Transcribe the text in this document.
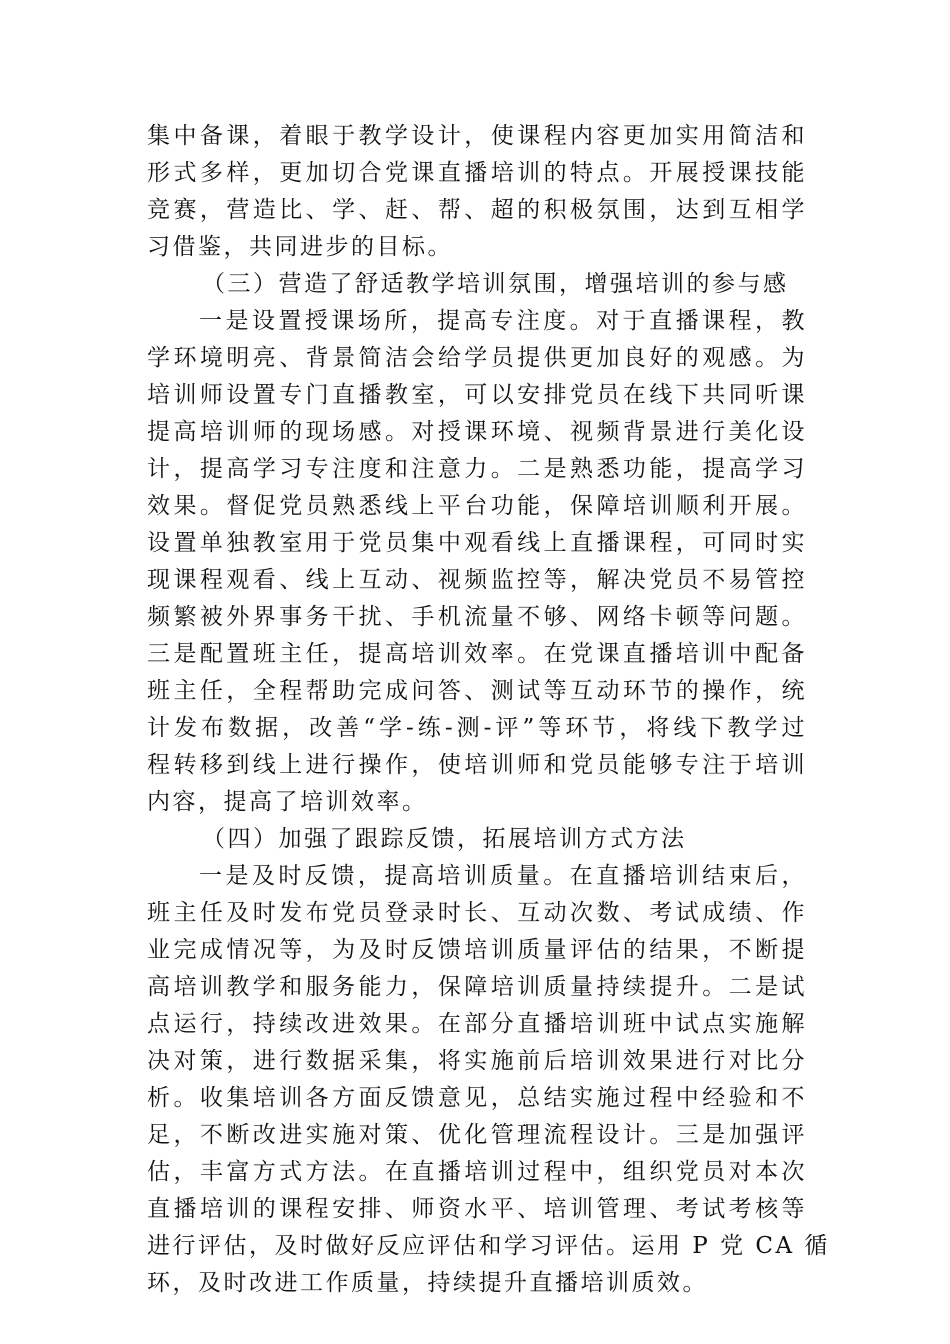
集中备课，着眼于教学设计，使课程内容更加实用简洁和
形式多样，更加切合党课直播培训的特点。开展授课技能
竞赛，营造比、学、赶、帮、超的积极氛围，达到互相学
习借鉴，共同进步的目标。

（三）营造了舒适教学培训氛围，增强培训的参与感

一是设置授课场所，提高专注度。对于直播课程，教
学环境明亮、背景简洁会给学员提供更加良好的观感。为
培训师设置专门直播教室，可以安排党员在线下共同听课
提高培训师的现场感。对授课环境、视频背景进行美化设
计，提高学习专注度和注意力。二是熟悉功能，提高学习
效果。督促党员熟悉线上平台功能，保障培训顺利开展。
设置单独教室用于党员集中观看线上直播课程，可同时实
现课程观看、线上互动、视频监控等，解决党员不易管控
频繁被外界事务干扰、手机流量不够、网络卡顿等问题。
三是配置班主任，提高培训效率。在党课直播培训中配备
班主任，全程帮助完成问答、测试等互动环节的操作，统
计发布数据，改善“学-练-测-评”等环节，将线下教学过
程转移到线上进行操作，使培训师和党员能够专注于培训
内容，提高了培训效率。

（四）加强了跟踪反馈，拓展培训方式方法

一是及时反馈，提高培训质量。在直播培训结束后，
班主任及时发布党员登录时长、互动次数、考试成绩、作
业完成情况等，为及时反馈培训质量评估的结果，不断提
高培训教学和服务能力，保障培训质量持续提升。二是试
点运行，持续改进效果。在部分直播培训班中试点实施解
决对策，进行数据采集，将实施前后培训效果进行对比分
析。收集培训各方面反馈意见，总结实施过程中经验和不
足，不断改进实施对策、优化管理流程设计。三是加强评
估，丰富方式方法。在直播培训过程中，组织党员对本次
直播培训的课程安排、师资水平、培训管理、考试考核等
进行评估，及时做好反应评估和学习评估。运用 P 党 CA 循
环，及时改进工作质量，持续提升直播培训质效。
